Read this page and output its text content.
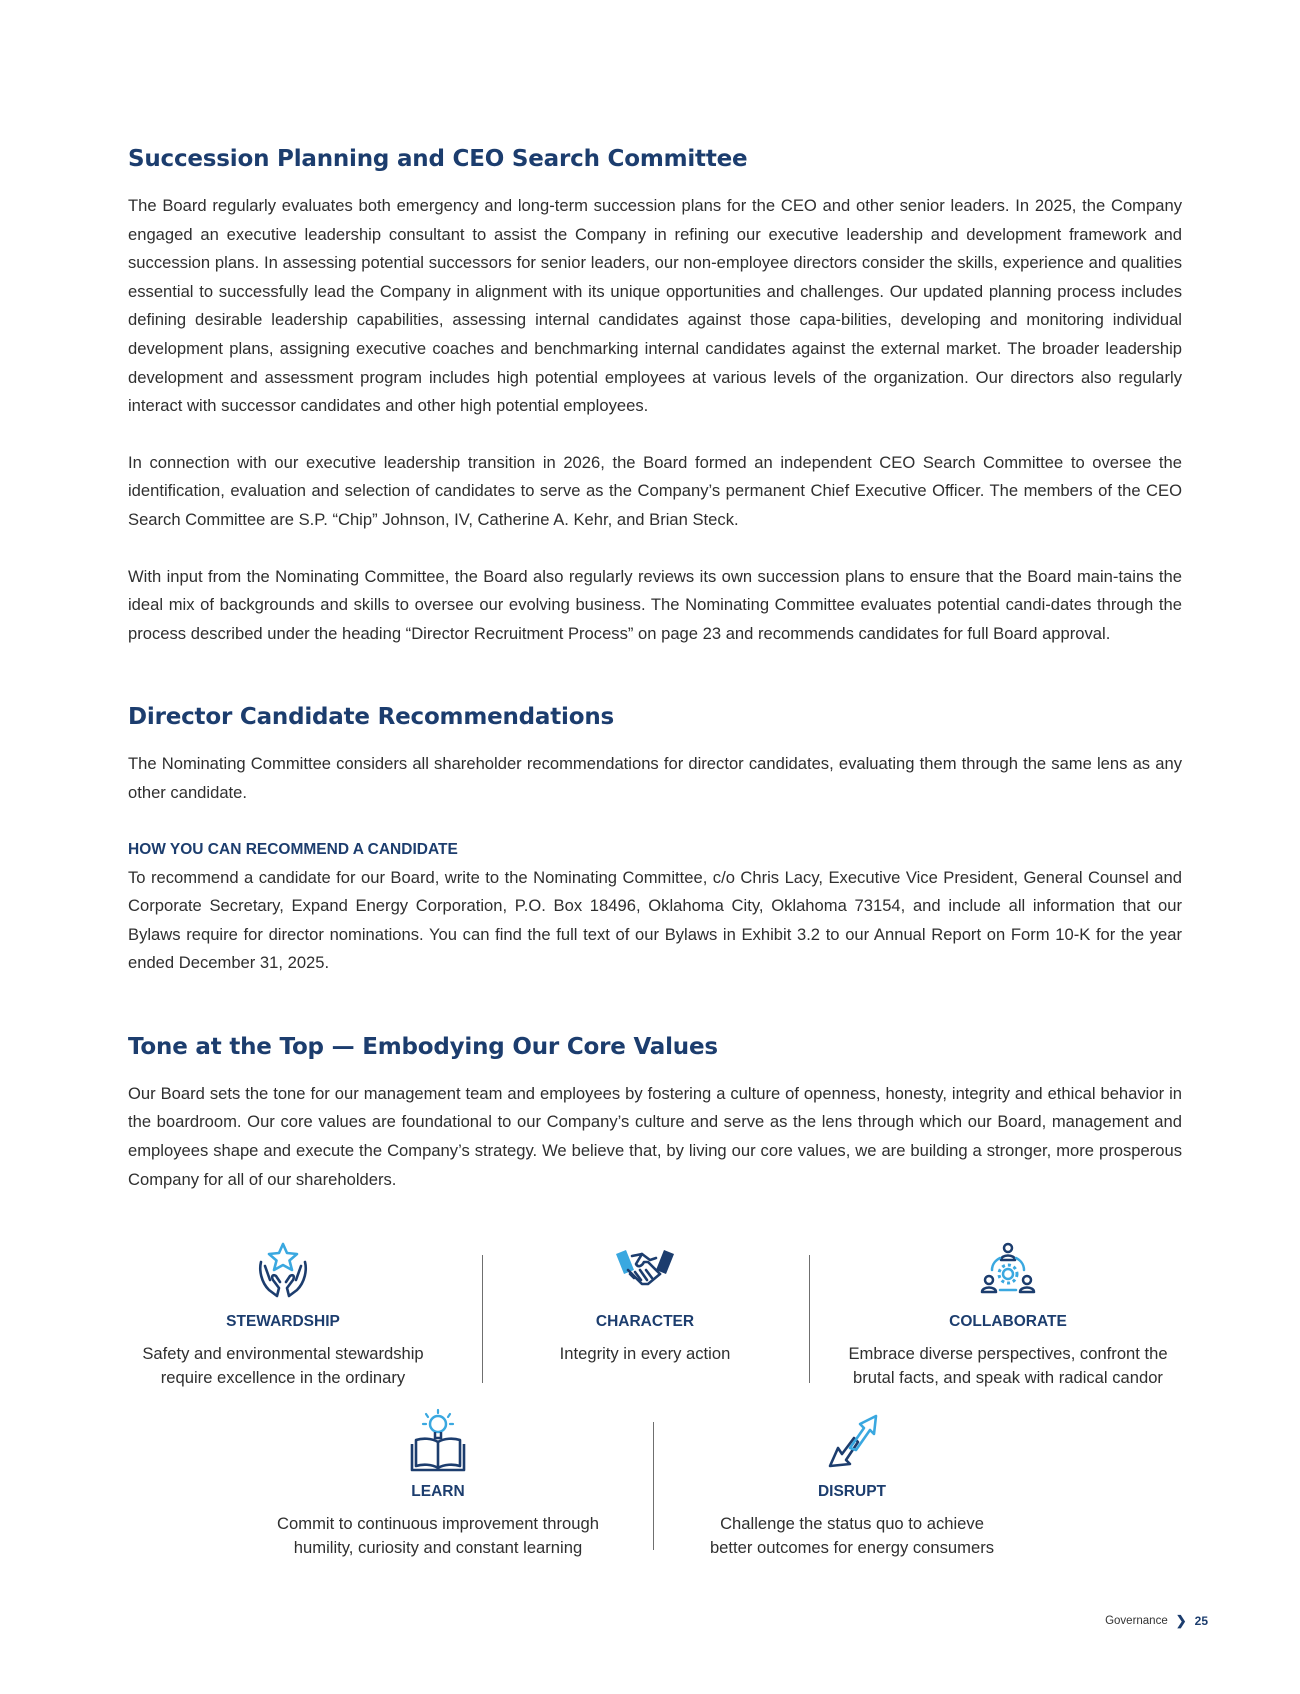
Succession Planning and CEO Search Committee

The Board regularly evaluates both emergency and long-term succession plans for the CEO and other senior leaders. In 2025, the Company engaged an executive leadership consultant to assist the Company in refining our executive leadership and development framework and succession plans. In assessing potential successors for senior leaders, our non-employee directors consider the skills, experience and qualities essential to successfully lead the Company in alignment with its unique opportunities and challenges. Our updated planning process includes defining desirable leadership capabilities, assessing internal candidates against those capa-bilities, developing and monitoring individual development plans, assigning executive coaches and benchmarking internal candidates against the external market. The broader leadership development and assessment program includes high potential employees at various levels of the organization. Our directors also regularly interact with successor candidates and other high potential employees.

In connection with our executive leadership transition in 2026, the Board formed an independent CEO Search Committee to oversee the identification, evaluation and selection of candidates to serve as the Company’s permanent Chief Executive Officer. The members of the CEO Search Committee are S.P. “Chip” Johnson, IV, Catherine A. Kehr, and Brian Steck.

With input from the Nominating Committee, the Board also regularly reviews its own succession plans to ensure that the Board main-tains the ideal mix of backgrounds and skills to oversee our evolving business. The Nominating Committee evaluates potential candi-dates through the process described under the heading “Director Recruitment Process” on page 23 and recommends candidates for full Board approval.

Director Candidate Recommendations

The Nominating Committee considers all shareholder recommendations for director candidates, evaluating them through the same lens as any other candidate.

HOW YOU CAN RECOMMEND A CANDIDATE

To recommend a candidate for our Board, write to the Nominating Committee, c/o Chris Lacy, Executive Vice President, General Counsel and Corporate Secretary, Expand Energy Corporation, P.O. Box 18496, Oklahoma City, Oklahoma 73154, and include all information that our Bylaws require for director nominations. You can find the full text of our Bylaws in Exhibit 3.2 to our Annual Report on Form 10-K for the year ended December 31, 2025.

Tone at the Top — Embodying Our Core Values

Our Board sets the tone for our management team and employees by fostering a culture of openness, honesty, integrity and ethical behavior in the boardroom. Our core values are foundational to our Company’s culture and serve as the lens through which our Board, management and employees shape and execute the Company’s strategy. We believe that, by living our core values, we are building a stronger, more prosperous Company for all of our shareholders.

STEWARDSHIP
Safety and environmental stewardship
require excellence in the ordinary
CHARACTER
Integrity in every action
COLLABORATE
Embrace diverse perspectives, confront the
brutal facts, and speak with radical candor
LEARN
Commit to continuous improvement through
humility, curiosity and constant learning
DISRUPT
Challenge the status quo to achieve
better outcomes for energy consumers
Governance ❯ 25
